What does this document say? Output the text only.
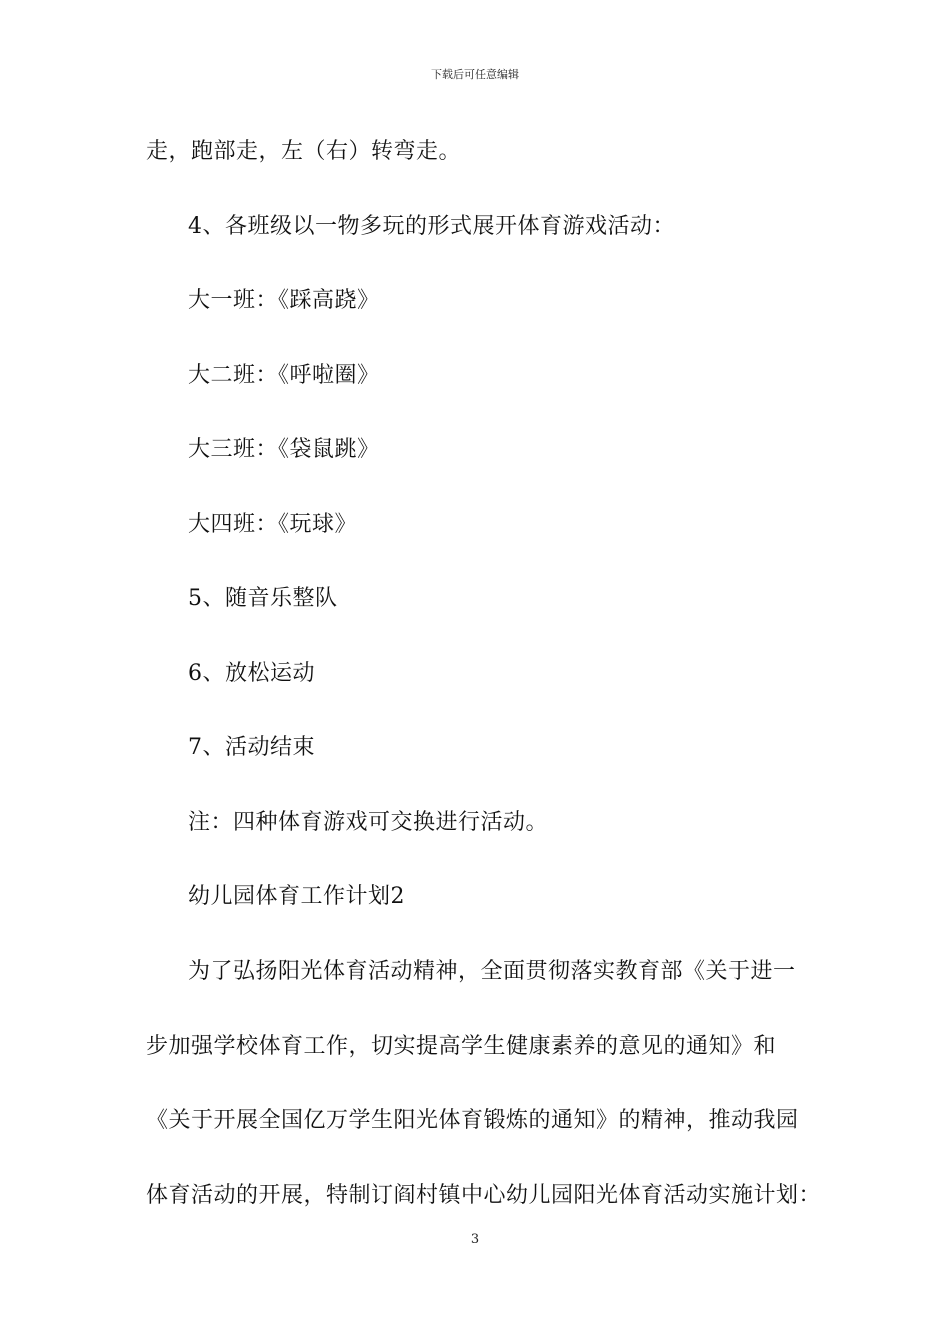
下载后可任意编辑
走，跑部走，左（右）转弯走。
4、各班级以一物多玩的形式展开体育游戏活动：
大一班：《踩高跷》
大二班：《呼啦圈》
大三班：《袋鼠跳》
大四班：《玩球》
5、随音乐整队
6、放松运动
7、活动结束
注：四种体育游戏可交换进行活动。
幼儿园体育工作计划2
为了弘扬阳光体育活动精神，全面贯彻落实教育部《关于进一
步加强学校体育工作，切实提高学生健康素养的意见的通知》和
《关于开展全国亿万学生阳光体育锻炼的通知》的精神，推动我园
体育活动的开展，特制订阎村镇中心幼儿园阳光体育活动实施计划：
3
